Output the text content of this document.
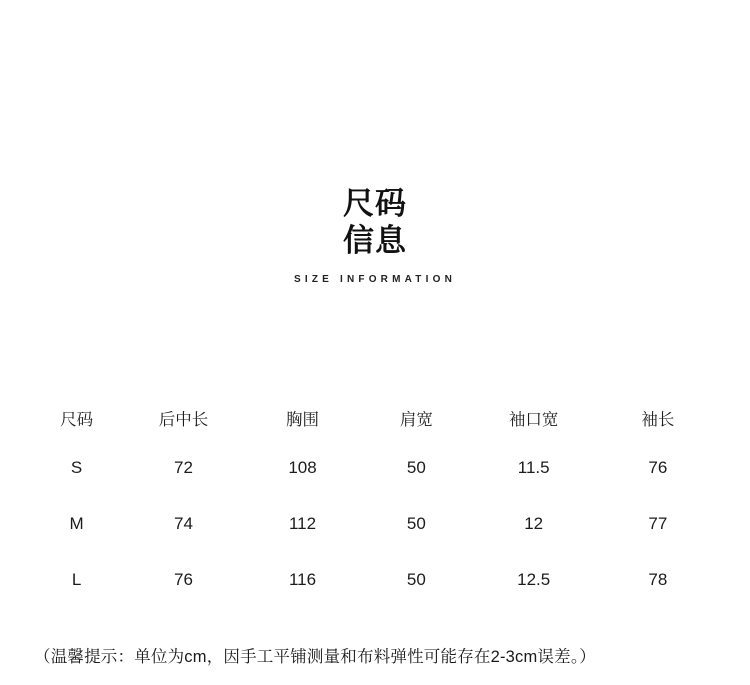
尺码
信息
SIZE INFORMATION
尺码	后中长	胸围	肩宽	袖口宽	袖长
S	72	108	50	11.5	76
M	74	112	50	12	77
L	76	116	50	12.5	78
（温馨提示：单位为cm，因手工平铺测量和布料弹性可能存在2-3cm误差。）
